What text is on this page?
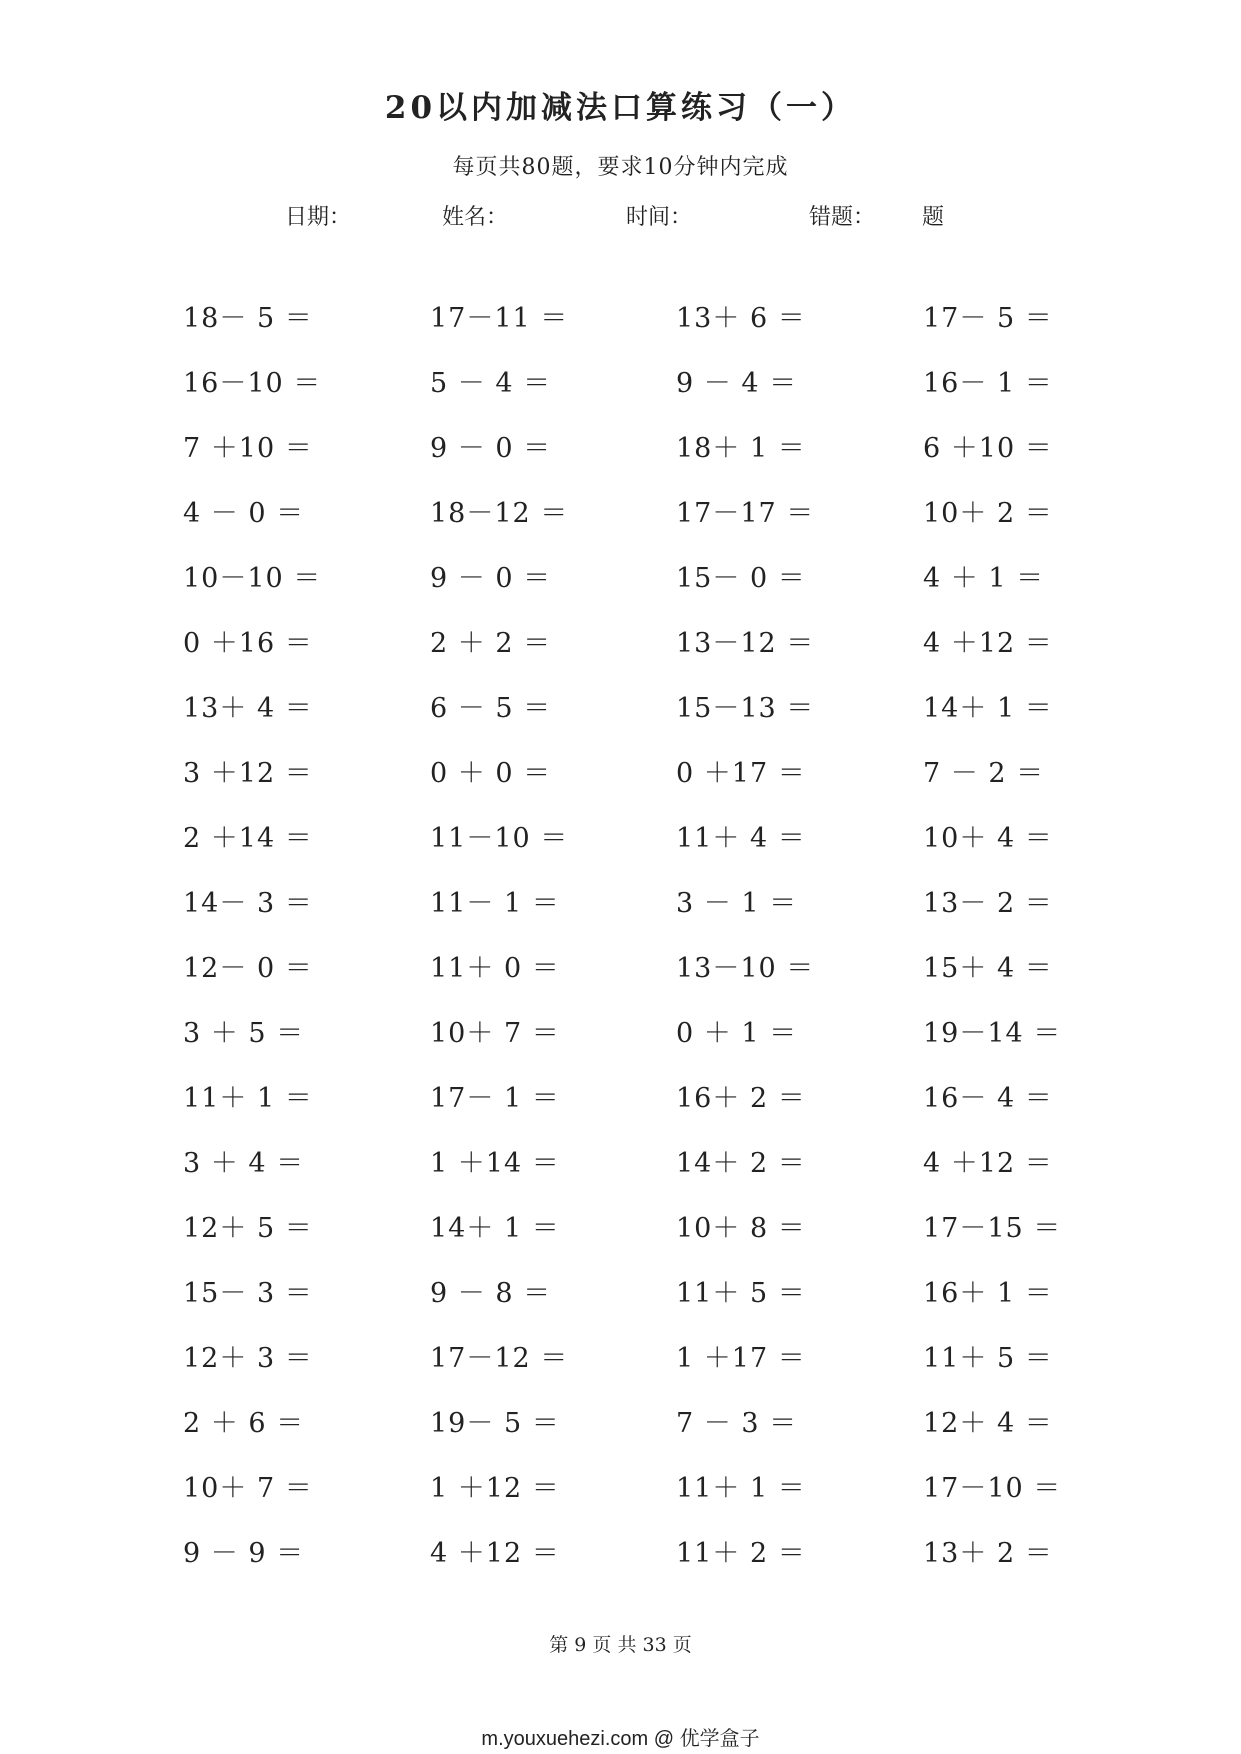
20以内加减法口算练习（一）
每页共80题，要求10分钟内完成
日期：	姓名：	时间：	错题： 题
18－ 5 ＝	17－11 ＝	13＋ 6 ＝	17－ 5 ＝
16－10 ＝	5 － 4 ＝	9 － 4 ＝	16－ 1 ＝
7 ＋10 ＝	9 － 0 ＝	18＋ 1 ＝	6 ＋10 ＝
4 － 0 ＝	18－12 ＝	17－17 ＝	10＋ 2 ＝
10－10 ＝	9 － 0 ＝	15－ 0 ＝	4 ＋ 1 ＝
0 ＋16 ＝	2 ＋ 2 ＝	13－12 ＝	4 ＋12 ＝
13＋ 4 ＝	6 － 5 ＝	15－13 ＝	14＋ 1 ＝
3 ＋12 ＝	0 ＋ 0 ＝	0 ＋17 ＝	7 － 2 ＝
2 ＋14 ＝	11－10 ＝	11＋ 4 ＝	10＋ 4 ＝
14－ 3 ＝	11－ 1 ＝	3 － 1 ＝	13－ 2 ＝
12－ 0 ＝	11＋ 0 ＝	13－10 ＝	15＋ 4 ＝
3 ＋ 5 ＝	10＋ 7 ＝	0 ＋ 1 ＝	19－14 ＝
11＋ 1 ＝	17－ 1 ＝	16＋ 2 ＝	16－ 4 ＝
3 ＋ 4 ＝	1 ＋14 ＝	14＋ 2 ＝	4 ＋12 ＝
12＋ 5 ＝	14＋ 1 ＝	10＋ 8 ＝	17－15 ＝
15－ 3 ＝	9 － 8 ＝	11＋ 5 ＝	16＋ 1 ＝
12＋ 3 ＝	17－12 ＝	1 ＋17 ＝	11＋ 5 ＝
2 ＋ 6 ＝	19－ 5 ＝	7 － 3 ＝	12＋ 4 ＝
10＋ 7 ＝	1 ＋12 ＝	11＋ 1 ＝	17－10 ＝
9 － 9 ＝	4 ＋12 ＝	11＋ 2 ＝	13＋ 2 ＝
第 9 页 共 33 页
m.youxuehezi.com @ 优学盒子
